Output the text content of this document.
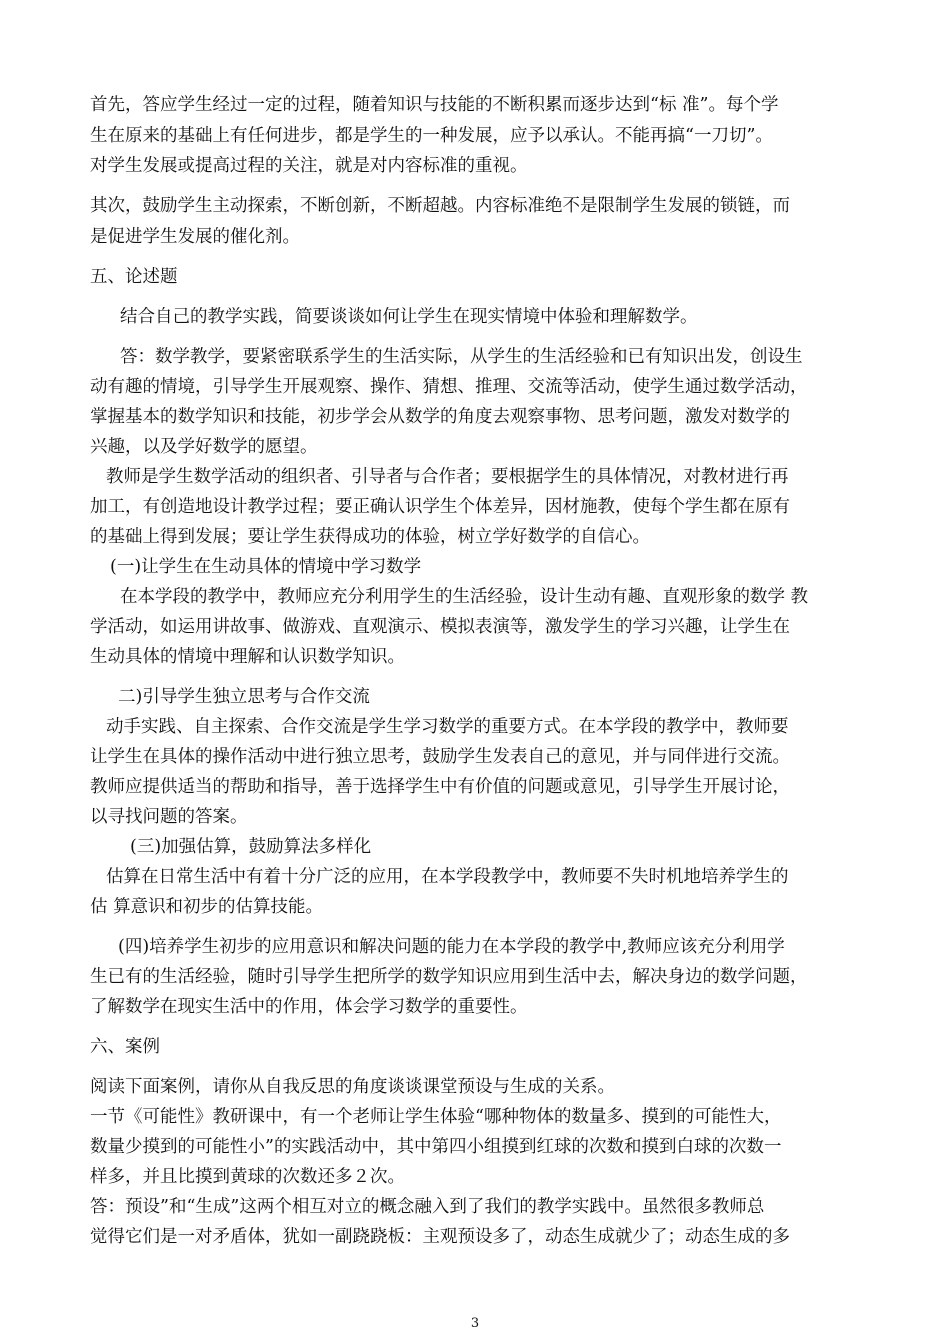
首先，答应学生经过一定的过程，随着知识与技能的不断积累而逐步达到“标 准”。每个学
生在原来的基础上有任何进步，都是学生的一种发展，应予以承认。不能再搞“一刀切”。
对学生发展或提高过程的关注，就是对内容标准的重视。
其次，鼓励学生主动探索，不断创新，不断超越。内容标准绝不是限制学生发展的锁链，而
是促进学生发展的催化剂。
五、论述题
结合自己的教学实践，简要谈谈如何让学生在现实情境中体验和理解数学。
答：数学教学，要紧密联系学生的生活实际，从学生的生活经验和已有知识出发，创设生
动有趣的情境，引导学生开展观察、操作、猜想、推理、交流等活动，使学生通过数学活动，
掌握基本的数学知识和技能，初步学会从数学的角度去观察事物、思考问题，激发对数学的
兴趣，以及学好数学的愿望。
教师是学生数学活动的组织者、引导者与合作者；要根据学生的具体情况，对教材进行再
加工，有创造地设计教学过程；要正确认识学生个体差异，因材施教，使每个学生都在原有
的基础上得到发展；要让学生获得成功的体验，树立学好数学的自信心。
(一)让学生在生动具体的情境中学习数学
在本学段的教学中，教师应充分利用学生的生活经验，设计生动有趣、直观形象的数学 教
学活动，如运用讲故事、做游戏、直观演示、模拟表演等，激发学生的学习兴趣，让学生在
生动具体的情境中理解和认识数学知识。
二)引导学生独立思考与合作交流
动手实践、自主探索、合作交流是学生学习数学的重要方式。在本学段的教学中，教师要
让学生在具体的操作活动中进行独立思考，鼓励学生发表自己的意见，并与同伴进行交流。
教师应提供适当的帮助和指导，善于选择学生中有价值的问题或意见，引导学生开展讨论，
以寻找问题的答案。
(三)加强估算，鼓励算法多样化
估算在日常生活中有着十分广泛的应用，在本学段教学中，教师要不失时机地培养学生的
估 算意识和初步的估算技能。
(四)培养学生初步的应用意识和解决问题的能力在本学段的教学中,教师应该充分利用学
生已有的生活经验，随时引导学生把所学的数学知识应用到生活中去，解决身边的数学问题，
了解数学在现实生活中的作用，体会学习数学的重要性。
六、案例
阅读下面案例，请你从自我反思的角度谈谈课堂预设与生成的关系。
一节《可能性》教研课中，有一个老师让学生体验“哪种物体的数量多、摸到的可能性大，
数量少摸到的可能性小”的实践活动中，其中第四小组摸到红球的次数和摸到白球的次数一
样多，并且比摸到黄球的次数还多２次。
答：预设”和“生成”这两个相互对立的概念融入到了我们的教学实践中。虽然很多教师总
觉得它们是一对矛盾体，犹如一副跷跷板：主观预设多了，动态生成就少了；动态生成的多
3
